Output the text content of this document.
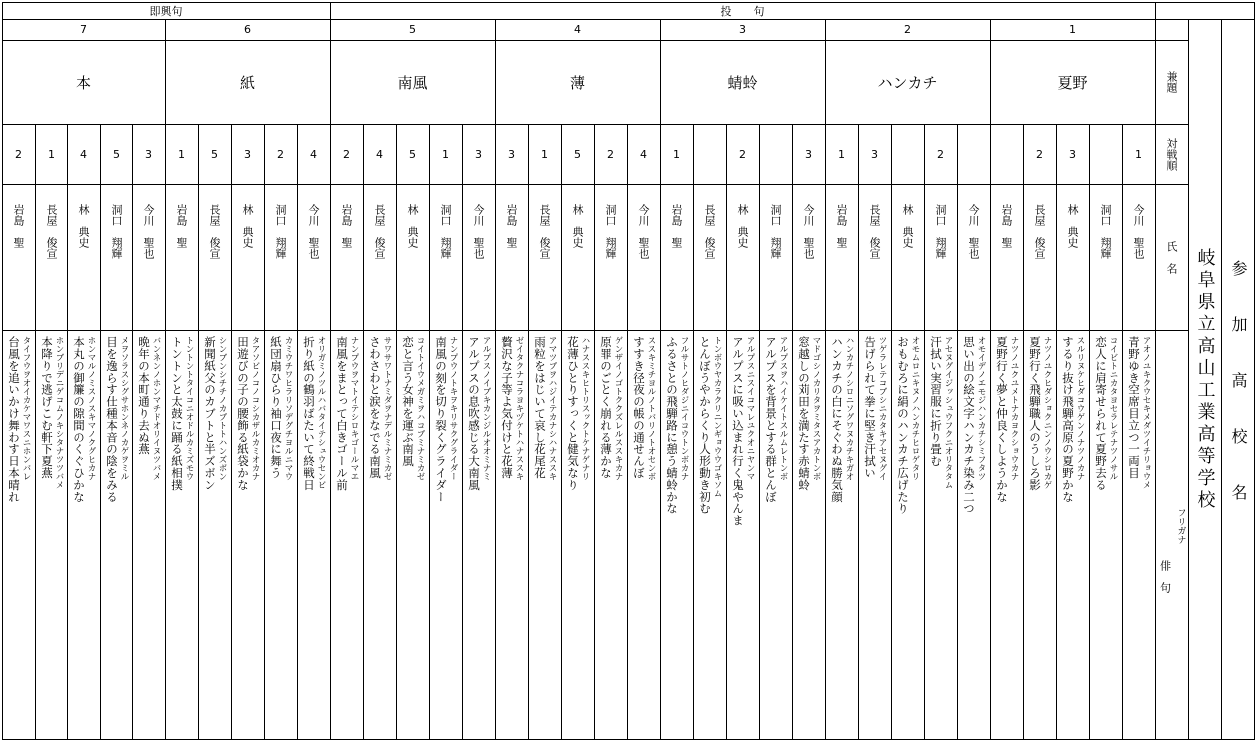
即興句	投　　句
7
本
2
岩島　聖
台風を追いかけ舞わす日本晴れ タイフウヲオイカケマワスニホンバレ
1
長屋　俊宣
本降りで逃げこむ軒下夏燕 ホンブリデニゲコムノキシタナツツバメ
4
林　典史
本丸の御簾の隙間のくぐひかな ホンマルノミスノスキマノクグヒカナ
5
洞口　翔輝
目を逸らす仕種本音の陰をみる メヲソラスシグサホンネノカゲヲミル
3
今川　聖也
晩年の本町通り去ぬ燕 バンネンノホンマチドオリイヌツバメ
6
紙
1
岩島　聖
トントンと太鼓に踊る紙相撲 トントントタイコニオドルカミズモウ
5
長屋　俊宣
新聞紙父のカブトと半ズボン シンブンシチチノカブトトハンズボン
3
林　典史
田遊びの子の腰飾る紙袋かな タアソビノコノコシカザルカミオカナ
2
洞口　翔輝
紙団扇ひらり袖口夜に舞う カミウチワヒラリソデグチヨルニマウ
4
今川　聖也
折り紙の鶴羽ばたいて終戦日 オリガミノツルハバタイテシュウセンビ
5
南風
2
岩島　聖
南風をまとって白きゴール前 ナンプウヲマトイテシロキゴールマエ
4
長屋　俊宣
さわさわと涙をなでる南風 サワサワトナミダヲナデルミナミカゼ
5
林　典史
恋と言う女神を運ぶ南風 コイトイウメガミヲハコブミナミカゼ
1
洞口　翔輝
南風の刻を切り裂くグライダー ナンプウノトキヲキリサクグライダー
3
今川　聖也
アルプスの息吹感じる大南風 アルプスノイブキカンジルオオミナミ
4
薄
3
岩島　聖
贅沢な子等よ気付けと花薄 ゼイタクナコラヨキヅケトハナススキ
1
長屋　俊宣
雨粒をはじいて哀し花尾花 アマツブヲハジイテカナシハナススキ
5
林　典史
花薄ひとりすっくと健気なり ハナススキヒトリスックトケナゲナリ
2
洞口　翔輝
原罪のごとく崩れる薄かな ゲンザイノゴトククズレルススキカナ
4
今川　聖也
すすき径夜の帳の通せんぼ ススキミチヨルノトバリノトオセンボ
3
蜻蛉
1
岩島　聖
ふるさとの飛騨路に憩う蜻蛉かな フルサトノヒダジニイコウトンボカナ
長屋　俊宣
とんぼうやからくり人形動き初む トンボウヤカラクリニンギョウウゴキソム
2
林　典史
アルプスに吸い込まれ行く鬼やんま アルプスニスイコマレユクオニヤンマ
洞口　翔輝
アルプスを背景とする群とんぼ アルプスヲハイケイトスルムレトンボ
3
今川　聖也
窓越しの苅田を満たす赤蜻蛉 マドゴシノカリタヲミタスアカトンボ
2
ハンカチ
1
岩島　聖
ハンカチの白にそぐわぬ勝気顔 ハンカチノシロニソグワヌカチキガオ
3
長屋　俊宣
告げられて拳に堅き汗拭い ツゲラレテコブシニカタキアセヌグイ
林　典史
おもむろに絹のハンカチ広げたり オモムロニキヌノハンカチヒロゲタリ
2
洞口　翔輝
汗拭い実習服に折り畳む アセヌグイジッシュウフクニオリタタム
今川　聖也
思い出の絵文字ハンカチ染み二つ オモイデノエモジハンカチシミフタツ
1
夏野
岩島　聖
夏野行く夢と仲良くしようかな ナツノユクユメトナカヨクショウカナ
2
長屋　俊宣
夏野行く飛騨職人のうしろ影 ナツノユクヒダショクニンノウシロカゲ
3
林　典史
するり抜け飛騨高原の夏野かな スルリヌケヒダコウゲンノナツノカナ
洞口　翔輝
恋人に肩寄せられて夏野去る コイビトニカタヨセラレテナツノサル
1
今川　聖也
青野ゆき空席目立つ一両目 アオノユキクウセキメダツイチリョウメ
兼題
対戦順
氏　名
俳　句
フリガナ
岐阜県立高山工業高等学校 参　加　高　校　名
